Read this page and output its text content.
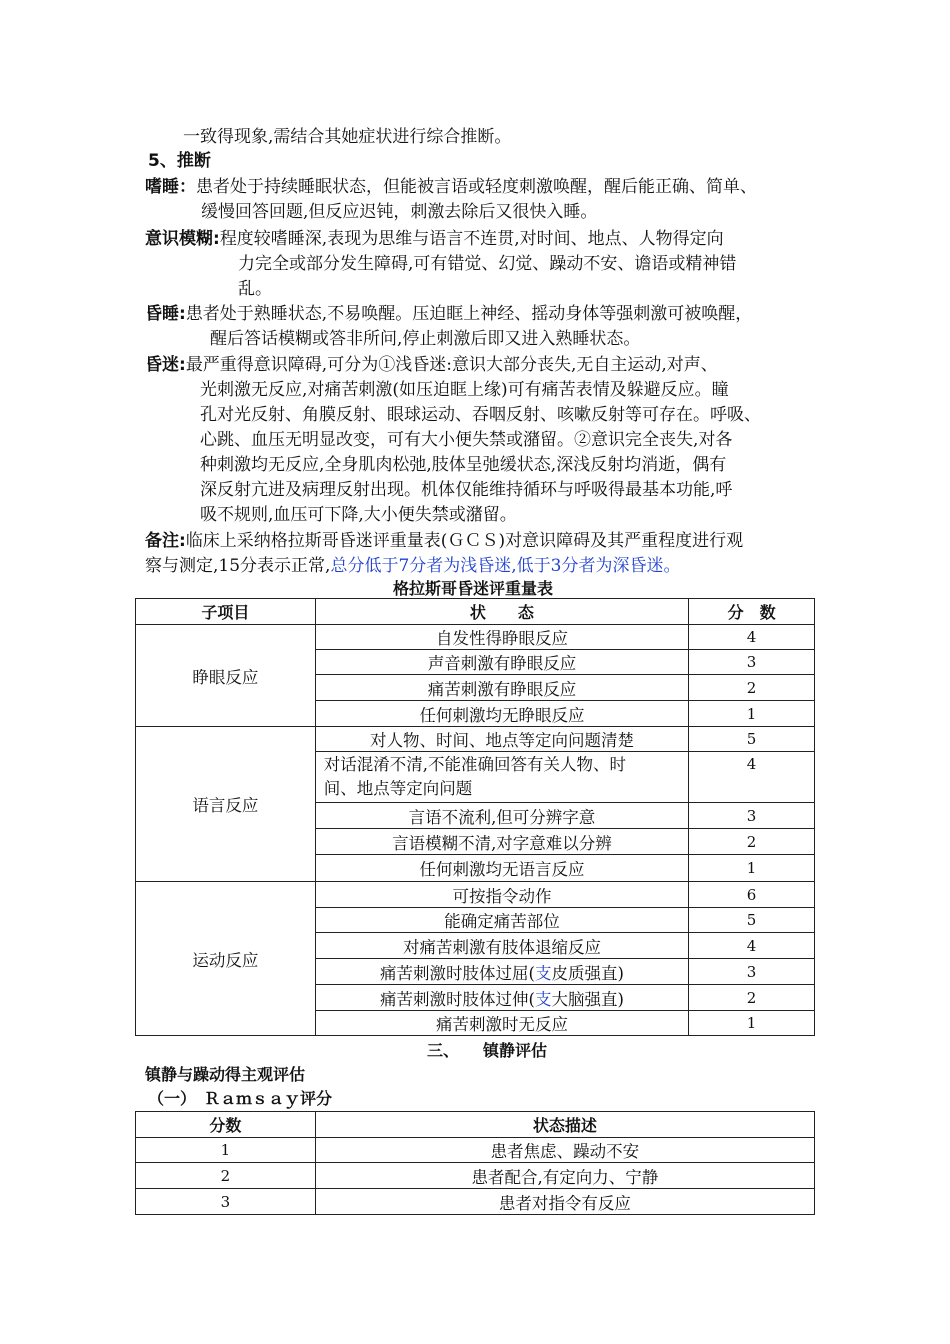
一致得现象,需结合其她症状进行综合推断。
5、推断
嗜睡：患者处于持续睡眠状态，但能被言语或轻度刺激唤醒，醒后能正确、简单、
缓慢回答回题,但反应迟钝，刺激去除后又很快入睡。
意识模糊:程度较嗜睡深,表现为思维与语言不连贯,对时间、地点、人物得定向
力完全或部分发生障碍,可有错觉、幻觉、躁动不安、谵语或精神错
乱。
昏睡:患者处于熟睡状态,不易唤醒。压迫眶上神经、摇动身体等强刺激可被唤醒，
醒后答话模糊或答非所问,停止刺激后即又进入熟睡状态。
昏迷:最严重得意识障碍,可分为①浅昏迷:意识大部分丧失,无自主运动,对声、
光刺激无反应,对痛苦刺激(如压迫眶上缘)可有痛苦表情及躲避反应。瞳
孔对光反射、角膜反射、眼球运动、吞咽反射、咳嗽反射等可存在。呼吸、
心跳、血压无明显改变，可有大小便失禁或潴留。②意识完全丧失,对各
种刺激均无反应,全身肌肉松弛,肢体呈弛缓状态,深浅反射均消逝，偶有
深反射亢进及病理反射出现。机体仅能维持循环与呼吸得最基本功能,呼
吸不规则,血压可下降,大小便失禁或潴留。
备注:临床上采纳格拉斯哥昏迷评重量表(ＧＣＳ)对意识障碍及其严重程度进行观
察与测定,15分表示正常,总分低于7分者为浅昏迷,低于3分者为深昏迷。
格拉斯哥昏迷评重量表
子项目	状　　态	分　数
睁眼反应	自发性得睁眼反应	4
	声音刺激有睁眼反应	3
	痛苦刺激有睁眼反应	2
	任何刺激均无睁眼反应	1
语言反应	对人物、时间、地点等定向问题清楚	5
	对话混淆不清,不能准确回答有关人物、时
间、地点等定向问题	4
	言语不流利,但可分辨字意	3
	言语模糊不清,对字意难以分辨	2
	任何刺激均无语言反应	1
运动反应	可按指令动作	6
	能确定痛苦部位	5
	对痛苦刺激有肢体退缩反应	4
	痛苦刺激时肢体过屈(支皮质强直)	3
	痛苦刺激时肢体过伸(支大脑强直)	2
	痛苦刺激时无反应	1
三、　　镇静评估
镇静与躁动得主观评估
（一）　Ｒａｍｓａｙ评分
分数	状态描述
1	患者焦虑、躁动不安
2	患者配合,有定向力、宁静
3	患者对指令有反应
